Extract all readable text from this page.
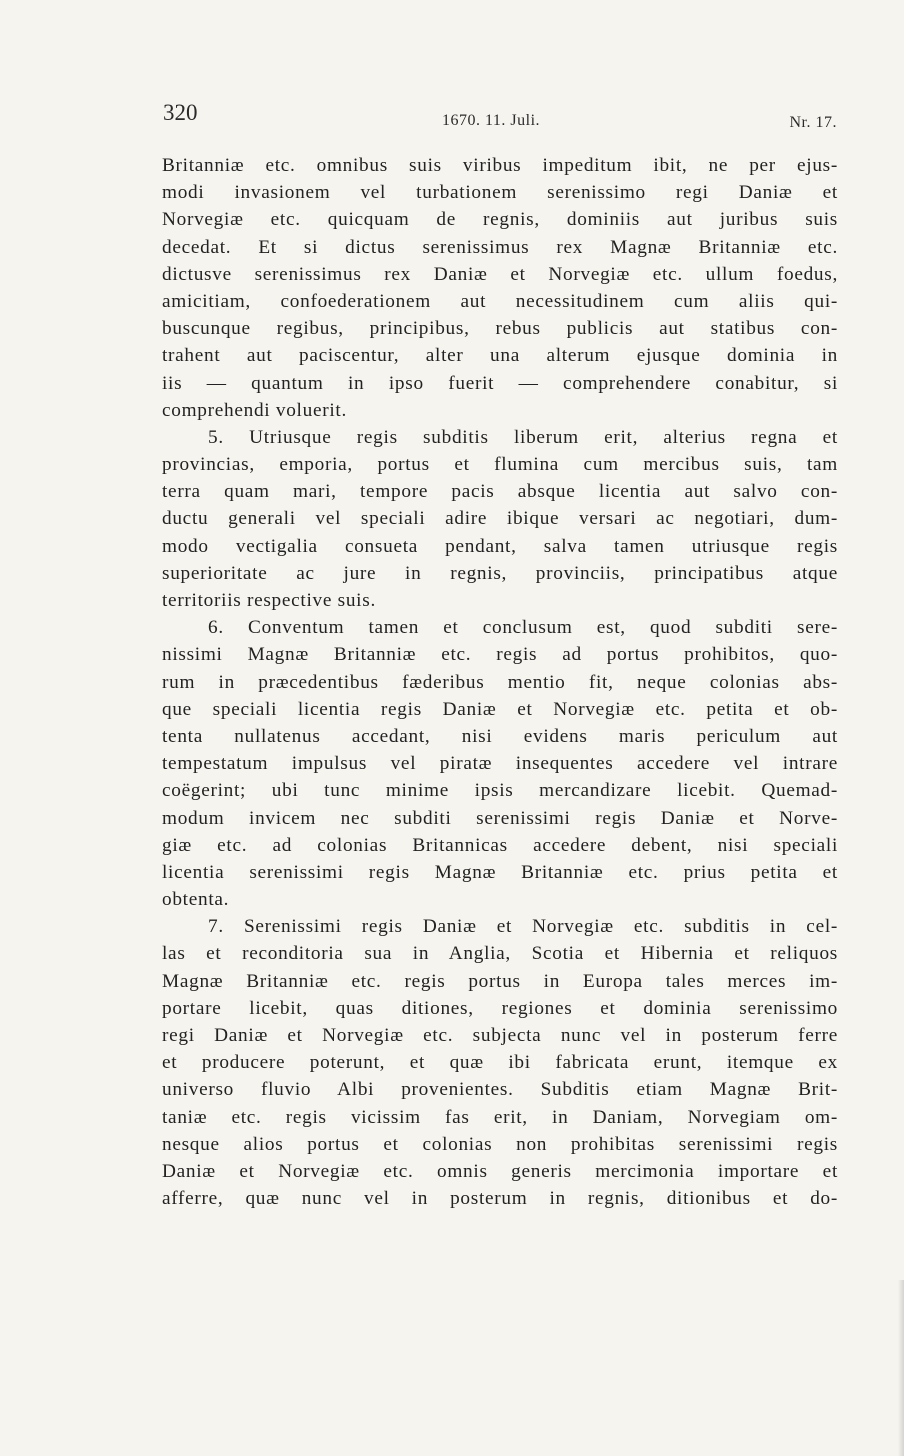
320	1670. 11. Juli.	Nr. 17.
Britanniæ etc. omnibus suis viribus impeditum ibit, ne per ejus-
modi invasionem vel turbationem serenissimo regi Daniæ et
Norvegiæ etc. quicquam de regnis, dominiis aut juribus suis
decedat. Et si dictus serenissimus rex Magnæ Britanniæ etc.
dictusve serenissimus rex Daniæ et Norvegiæ etc. ullum foedus,
amicitiam, confoederationem aut necessitudinem cum aliis qui-
buscunque regibus, principibus, rebus publicis aut statibus con-
trahent aut paciscentur, alter una alterum ejusque dominia in
iis — quantum in ipso fuerit — comprehendere conabitur, si
comprehendi voluerit.
5. Utriusque regis subditis liberum erit, alterius regna et
provincias, emporia, portus et flumina cum mercibus suis, tam
terra quam mari, tempore pacis absque licentia aut salvo con-
ductu generali vel speciali adire ibique versari ac negotiari, dum-
modo vectigalia consueta pendant, salva tamen utriusque regis
superioritate ac jure in regnis, provinciis, principatibus atque
territoriis respective suis.
6. Conventum tamen et conclusum est, quod subditi sere-
nissimi Magnæ Britanniæ etc. regis ad portus prohibitos, quo-
rum in præcedentibus fæderibus mentio fit, neque colonias abs-
que speciali licentia regis Daniæ et Norvegiæ etc. petita et ob-
tenta nullatenus accedant, nisi evidens maris periculum aut
tempestatum impulsus vel piratæ insequentes accedere vel intrare
coëgerint; ubi tunc minime ipsis mercandizare licebit. Quemad-
modum invicem nec subditi serenissimi regis Daniæ et Norve-
giæ etc. ad colonias Britannicas accedere debent, nisi speciali
licentia serenissimi regis Magnæ Britanniæ etc. prius petita et
obtenta.
7. Serenissimi regis Daniæ et Norvegiæ etc. subditis in cel-
las et reconditoria sua in Anglia, Scotia et Hibernia et reliquos
Magnæ Britanniæ etc. regis portus in Europa tales merces im-
portare licebit, quas ditiones, regiones et dominia serenissimo
regi Daniæ et Norvegiæ etc. subjecta nunc vel in posterum ferre
et producere poterunt, et quæ ibi fabricata erunt, itemque ex
universo fluvio Albi provenientes. Subditis etiam Magnæ Brit-
taniæ etc. regis vicissim fas erit, in Daniam, Norvegiam om-
nesque alios portus et colonias non prohibitas serenissimi regis
Daniæ et Norvegiæ etc. omnis generis mercimonia importare et
afferre, quæ nunc vel in posterum in regnis, ditionibus et do-
